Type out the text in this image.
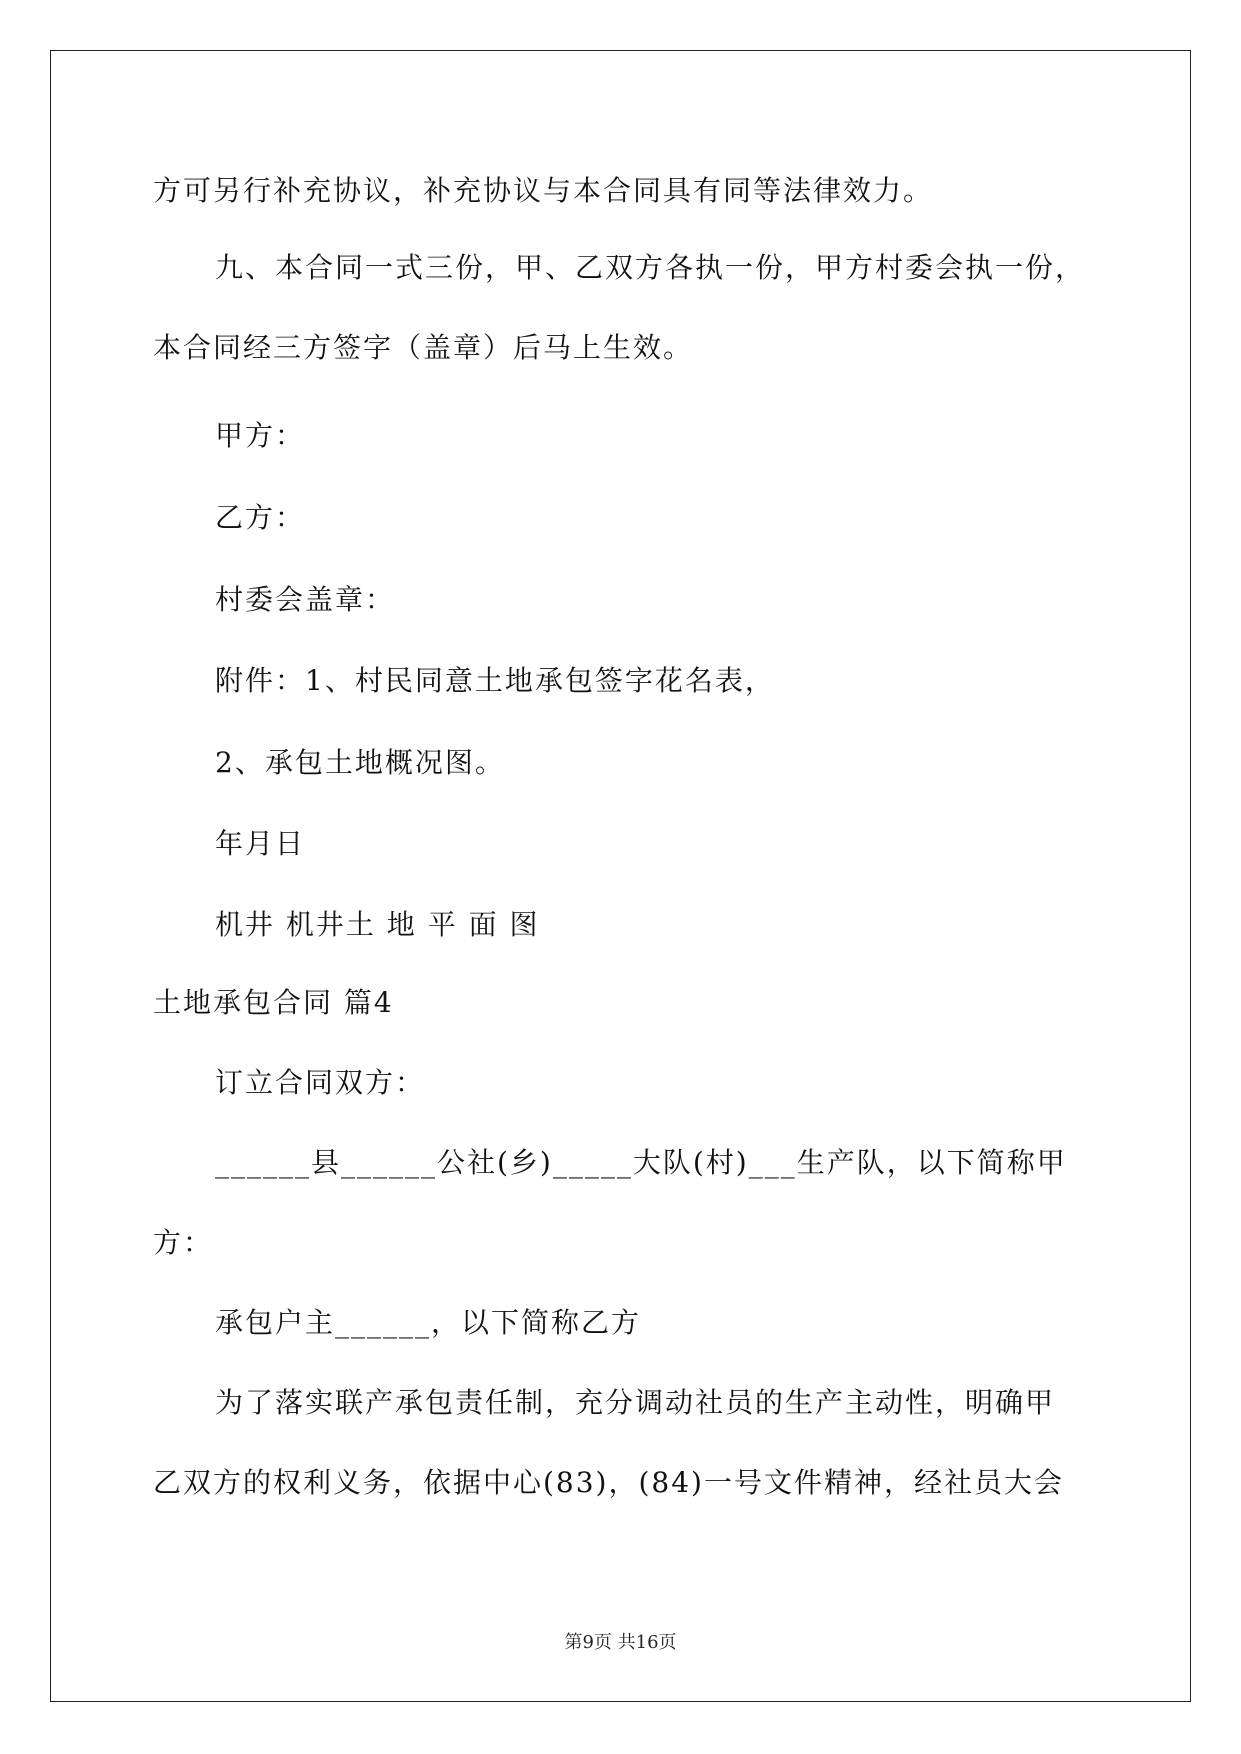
方可另行补充协议，补充协议与本合同具有同等法律效力。
九、本合同一式三份，甲、乙双方各执一份，甲方村委会执一份，
本合同经三方签字（盖章）后马上生效。
甲方：
乙方：
村委会盖章：
附件：1、村民同意土地承包签字花名表，
2、承包土地概况图。
年月日
机井 机井土 地 平 面 图
土地承包合同 篇4
订立合同双方：
______县______公社(乡)_____大队(村)___生产队，以下简称甲
方：
承包户主______，以下简称乙方
为了落实联产承包责任制，充分调动社员的生产主动性，明确甲
乙双方的权利义务，依据中心(83)，(84)一号文件精神，经社员大会
第9页 共16页
